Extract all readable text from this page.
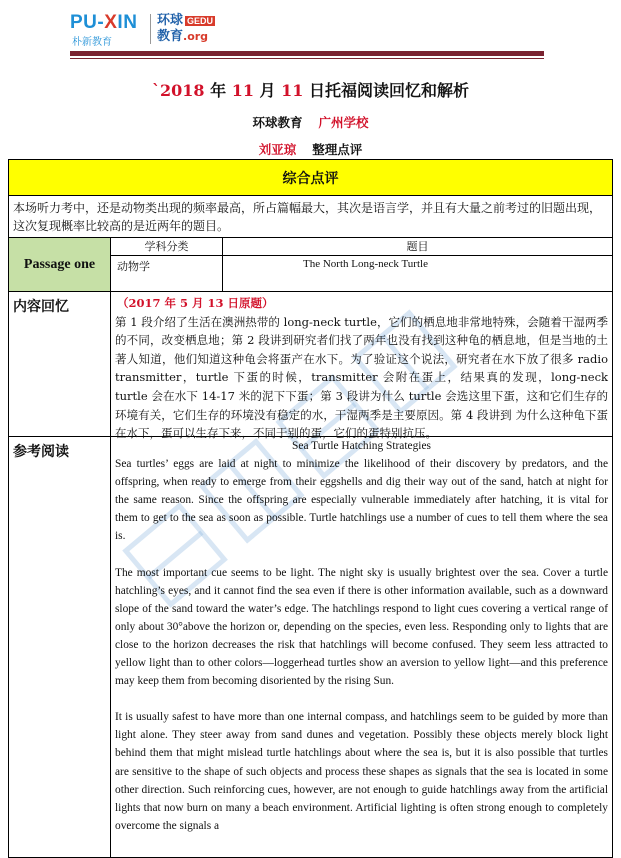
PU-XIN
朴新教育
环球 GEDU
教育.org
`2018 年 11 月 11 日托福阅读回忆和解析
环球教育 广州学校
刘亚琼 整理点评
综合点评
本场听力考中，还是动物类出现的频率最高，所占篇幅最大，其次是语言学，并且有大量之前考过的旧题出现，这次复现概率比较高的是近两年的题目。
Passage one
学科分类	题目
动物学	The North Long-neck Turtle
内容回忆	（2017 年 5 月 13 日原题）
第 1 段介绍了生活在澳洲热带的 long-neck turtle，它们的栖息地非常地特殊，会随着干湿两季的不同，改变栖息地；第 2 段讲到研究者们找了两年也没有找到这种龟的栖息地，但是当地的土著人知道，他们知道这种龟会将蛋产在水下。为了验证这个说法，研究者在水下放了很多 radio transmitter，turtle 下蛋的时候，transmitter 会附在蛋上，结果真的发现，long-neck turtle 会在水下 14-17 米的泥下下蛋；第 3 段讲为什么 turtle 会选这里下蛋，这和它们生存的环境有关，它们生存的环境没有稳定的水，干湿两季是主要原因。第 4 段讲到 为什么这种龟下蛋在水下，蛋可以生存下来，不同于别的蛋，它们的蛋特别抗压。
参考阅读	Sea Turtle Hatching Strategies

Sea turtles’ eggs are laid at night to minimize the likelihood of their discovery by predators, and the offspring, when ready to emerge from their eggshells and dig their way out of the sand, hatch at night for the same reason. Since the offspring are especially vulnerable immediately after hatching, it is vital for them to get to the sea as soon as possible. Turtle hatchlings use a number of cues to tell them where the sea is.

The most important cue seems to be light. The night sky is usually brightest over the sea. Cover a turtle hatchling’s eyes, and it cannot find the sea even if there is other information available, such as a downward slope of the sand toward the water’s edge. The hatchlings respond to light cues covering a vertical range of only about 30°above the horizon or, depending on the species, even less. Responding only to lights that are close to the horizon decreases the risk that hatchlings will become confused. They seem less attracted to yellow light than to other colors—loggerhead turtles show an aversion to yellow light—and this preference may keep them from becoming disoriented by the rising Sun.

It is usually safest to have more than one internal compass, and hatchlings seem to be guided by more than light alone. They steer away from sand dunes and vegetation. Possibly these objects merely block light behind them that might mislead turtle hatchlings about where the sea is, but it is also possible that turtles are sensitive to the shape of such objects and process these shapes as signals that the sea is located in some other direction. Such reinforcing cues, however, are not enough to guide hatchlings away from the artificial lights that now burn on many a beach environment. Artificial lighting is often strong enough to completely overcome the signals a
